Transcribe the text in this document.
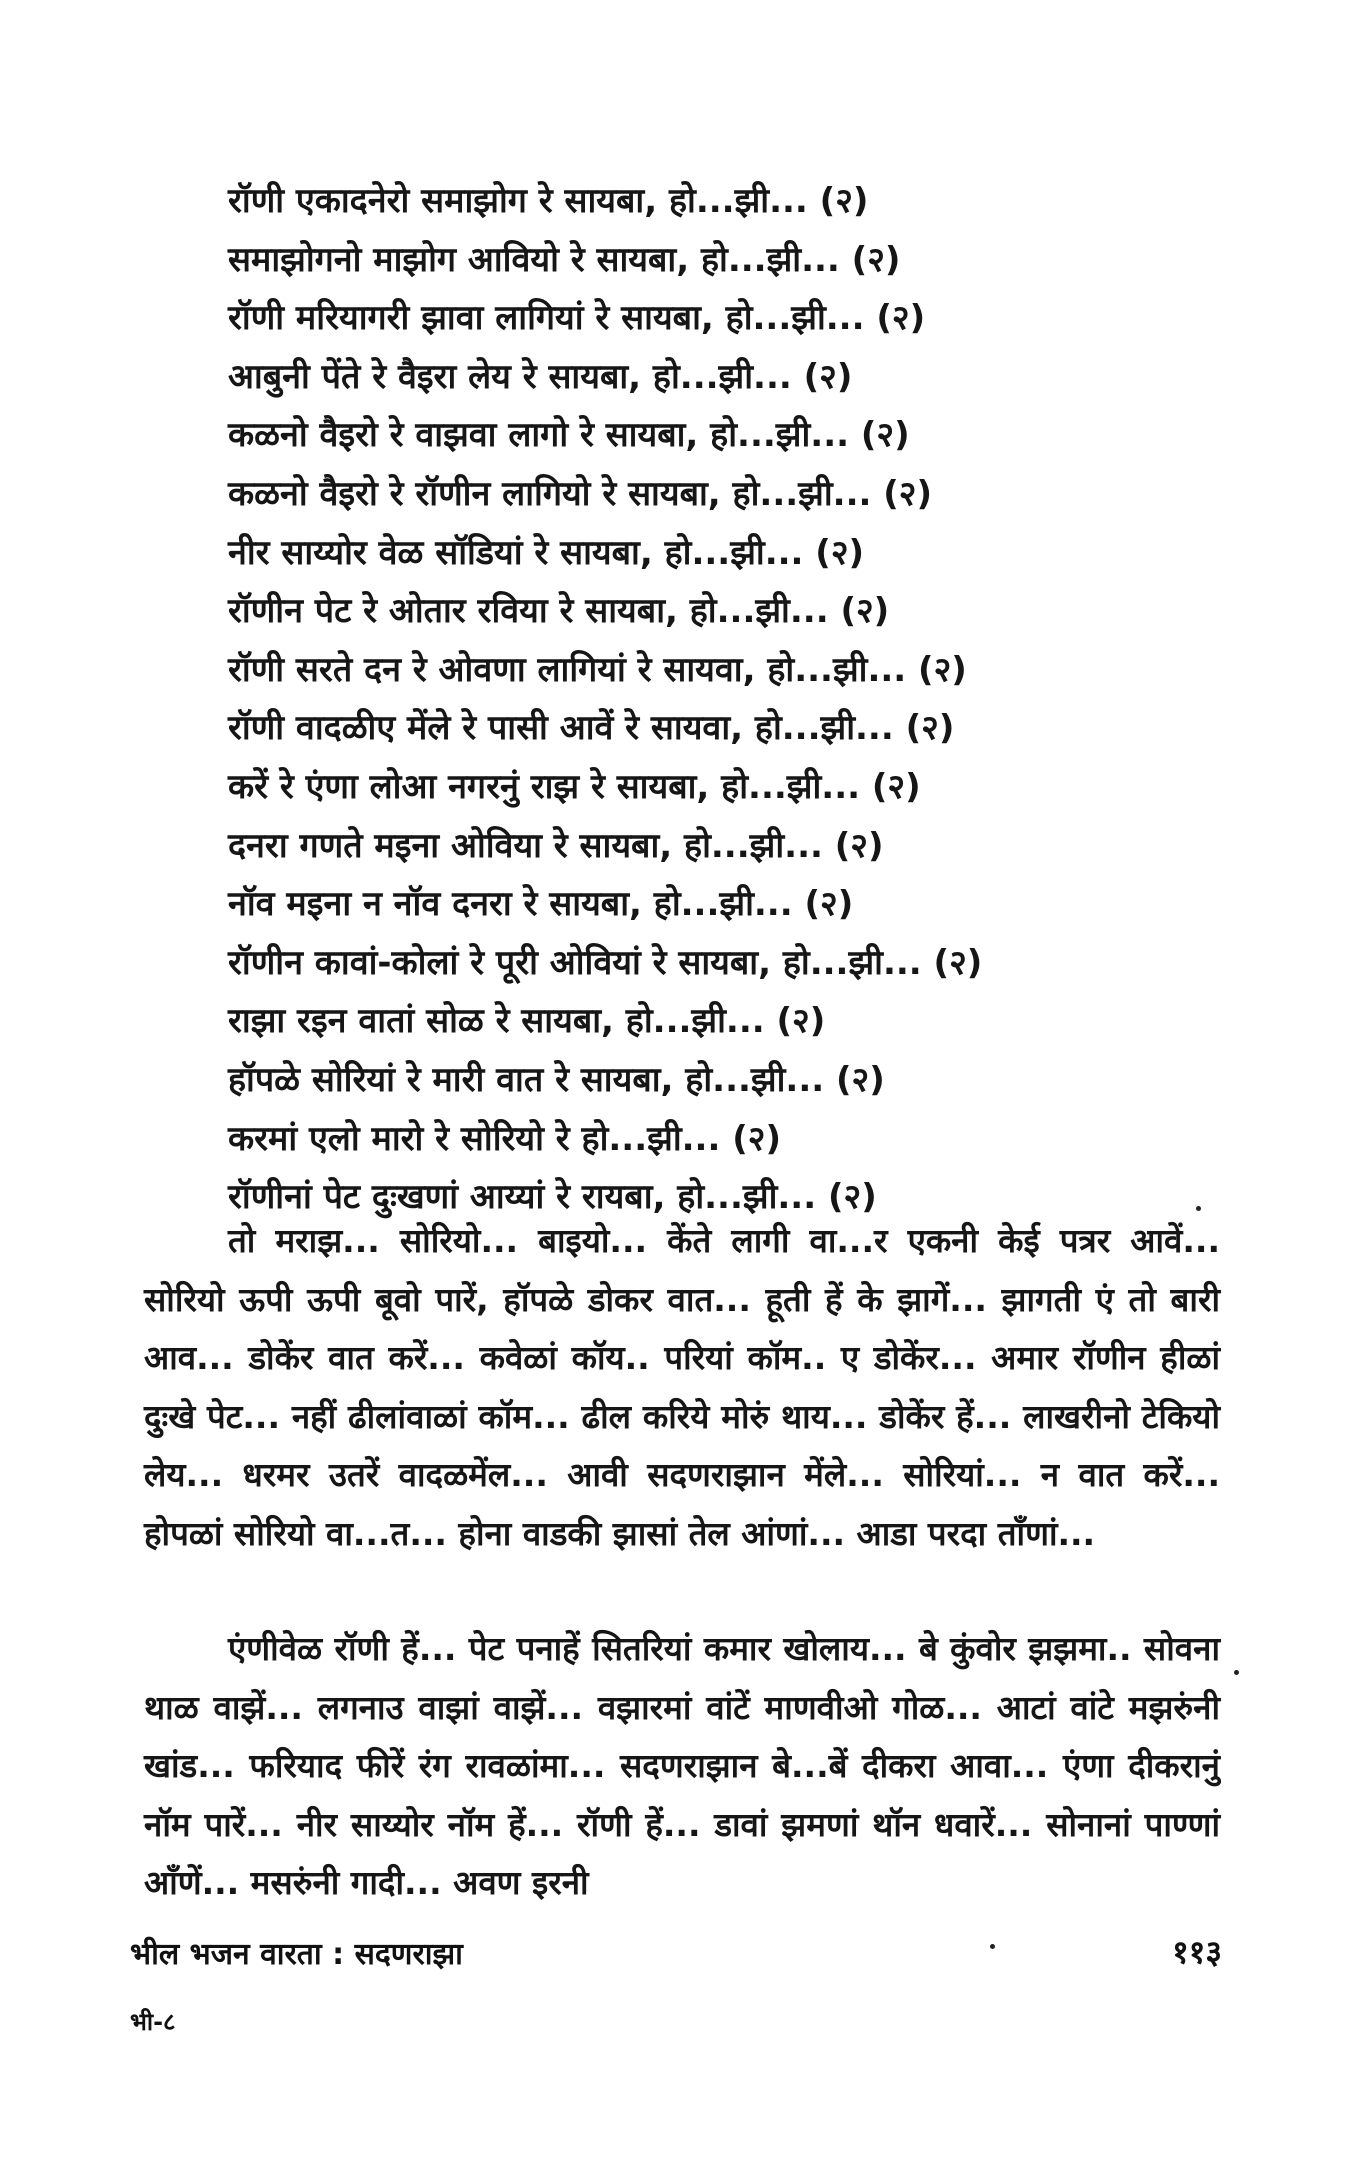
रॉणी एकादनेरो समाझोग रे सायबा, हो...झी... (२)
समाझोगनो माझोग आवियो रे सायबा, हो...झी... (२)
रॉणी मरियागरी झावा लागियां रे सायबा, हो...झी... (२)
आबुनी पेंते रे वैइरा लेय रे सायबा, हो...झी... (२)
कळनो वैइरो रे वाझवा लागो रे सायबा, हो...झी... (२)
कळनो वैइरो रे रॉणीन लागियो रे सायबा, हो...झी... (२)
नीर साय्योर वेळ सॉडियां रे सायबा, हो...झी... (२)
रॉणीन पेट रे ओतार रविया रे सायबा, हो...झी... (२)
रॉणी सरते दन रे ओवणा लागियां रे सायवा, हो...झी... (२)
रॉणी वादळीए मेंले रे पासी आवें रे सायवा, हो...झी... (२)
करें रे एंणा लोआ नगरनुं राझ रे सायबा, हो...झी... (२)
दनरा गणते मइना ओविया रे सायबा, हो...झी... (२)
नॉव मइना न नॉव दनरा रे सायबा, हो...झी... (२)
रॉणीन कावां-कोलां रे पूरी ओवियां रे सायबा, हो...झी... (२)
राझा रइन वातां सोळ रे सायबा, हो...झी... (२)
हॉपळे सोरियां रे मारी वात रे सायबा, हो...झी... (२)
करमां एलो मारो रे सोरियो रे हो...झी... (२)
रॉणीनां पेट दुःखणां आय्यां रे रायबा, हो...झी... (२)

तो मराझ... सोरियो... बाइयो... केंते लागी वा...र एकनी केई पत्रर आवें... सोरियो ऊपी ऊपी बूवो पारें, हॉपळे डोकर वात... हूती हें के झागें... झागती एं तो बारी आव... डोकेंर वात करें... कवेळां कॉय.. परियां कॉम.. ए डोकेंर... अमार रॉणीन हीळां दुःखे पेट... नहीं ढीलांवाळां कॉम... ढील करिये मोरुं थाय... डोकेंर हें... लाखरीनो टेकियो लेय... धरमर उतरें वादळमेंल... आवी सदणराझान मेंले... सोरियां... न वात करें... होपळां सोरियो वा...त... होना वाडकी झासां तेल आंणां... आडा परदा ताँणां...

एंणीवेळ रॉणी हें... पेट पनाहें सितरियां कमार खोलाय... बे कुंवोर झझमा.. सोवना थाळ वाझें... लगनाउ वाझां वाझें... वझारमां वांटें माणवीओ गोळ... आटां वांटे मझरुंनी खांड... फरियाद फीरें रंग रावळांमा... सदणराझान बे...बें दीकरा आवा... एंणा दीकरानुं नॉम पारें... नीर साय्योर नॉम हें... रॉणी हें... डावां झमणां थॉन धवारें... सोनानां पाण्णां आँणें... मसरुंनी गादी... अवण इरनी

भील भजन वारता : सदणराझा	११३
भी-८
